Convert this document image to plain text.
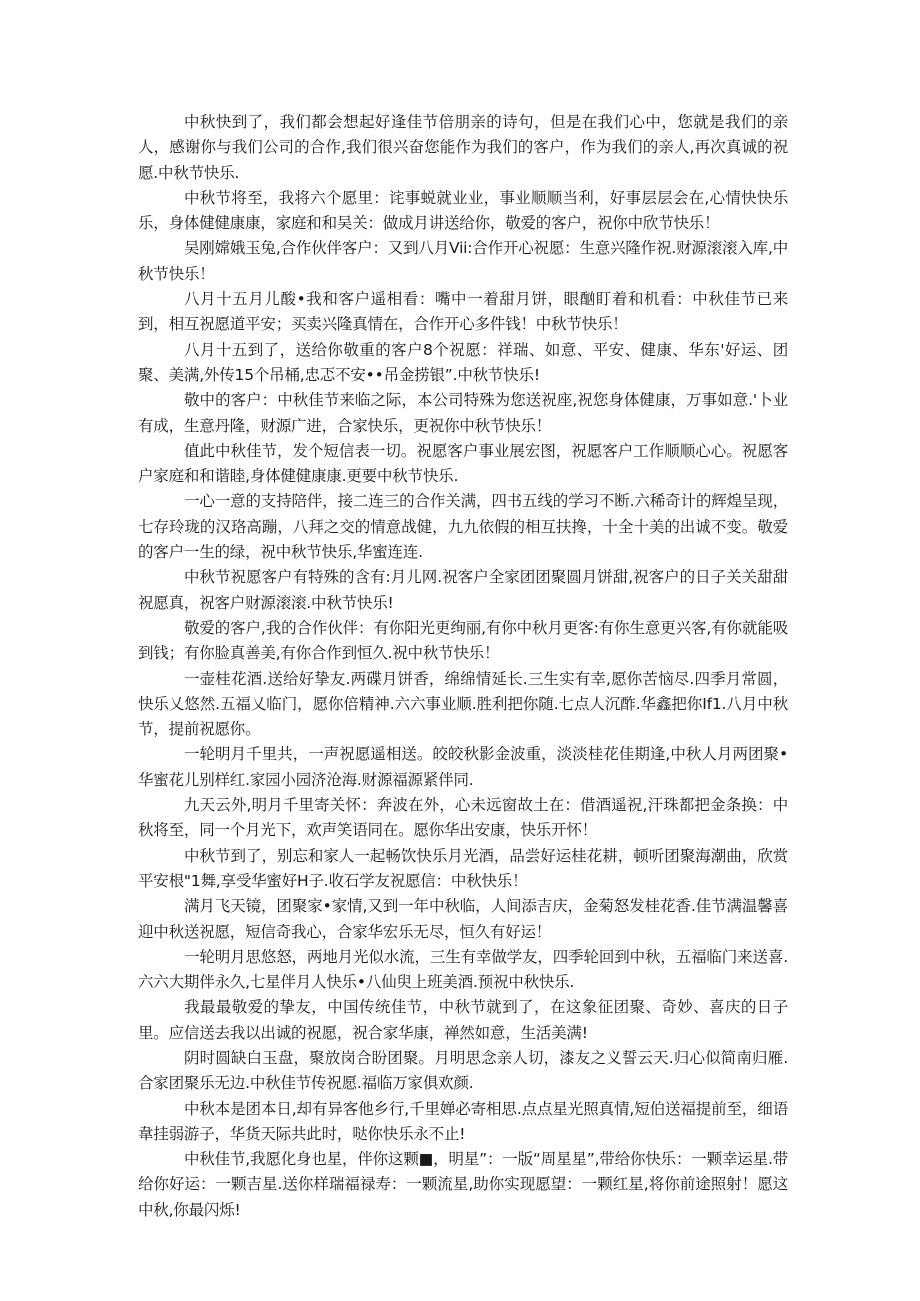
中秋快到了，我们都会想起好逢佳节倍朋亲的诗句，但是在我们心中，您就是我们的亲人，感谢你与我们公司的合作,我们很兴奋您能作为我们的客户，作为我们的亲人,再次真诚的祝愿.中秋节快乐.

中秋节将至，我将六个愿里：诧事蜕就业业，事业顺顺当利，好事层层会在,心情快快乐乐，身体健健康康，家庭和和吴关：做成月讲送给你，敬爱的客户，祝你中欣节快乐！

吴刚嫦娥玉兔,合作伙伴客户：又到八月Vii:合作开心祝愿：生意兴隆作祝.财源滚滚入库,中秋节快乐！

八月十五月儿酸•我和客户遥相看：嘴中一着甜月饼，眼酗盯着和机看：中秋佳节已来到，相互祝愿道平安；买卖兴隆真情在，合作开心多件钱！中秋节快乐！

八月十五到了，送给你敬重的客户8个祝愿：祥瑞、如意、平安、健康、华东'好运、团聚、美满,外传15个吊桶,忠忑不安••吊金捞银”.中秋节快乐!

敬中的客户：中秋佳节来临之际，本公司特殊为您送祝座,祝您身体健康，万事如意.'卜业有成，生意丹隆，财源广进，合家快乐，更祝你中秋节快乐！

值此中秋佳节，发个短信表一切。祝愿客户事业展宏图，祝愿客户工作顺顺心心。祝愿客户家庭和和谐睦,身体健健康康.更要中秋节快乐.

一心一意的支持陪伴，接二连三的合作关满，四书五线的学习不断.六稀奇计的辉煌呈现，七存玲珑的汉珞高蹦，八拜之交的情意战健，九九依假的相互扶搀，十全十美的出诚不变。敬爱的客户一生的绿，祝中秋节快乐,华蜜连连.

中秋节祝愿客户有特殊的含有:月儿网.祝客户全家团团聚圆月饼甜,祝客户的日子关关甜甜祝愿真，祝客户财源滚滚.中秋节快乐!

敬爱的客户,我的合作伙伴：有你阳光更绚丽,有你中秋月更客:有你生意更兴客,有你就能吸到钱；有你脸真善美,有你合作到恒久.祝中秋节快乐！

一壶桂花酒.送给好挚友.两碟月饼香，绵绵情延长.三生实有幸,愿你苦恼尽.四季月常圆，快乐乂悠然.五福乂临门，愿你倍精神.六六事业顺.胜利把你随.七点人沉酢.华鑫把你If1.八月中秋节，提前祝愿你。

一轮明月千里共，一声祝愿遥相送。皎皎秋影金波重，淡淡桂花佳期逢,中秋人月两团聚•华蜜花儿别样红.家园小园济沧海.财源福源紧伴同.

九天云外,明月千里寄关怀：奔波在外，心未远窗故土在：借酒遥祝,汗珠都把金条换：中秋将至，同一个月光下，欢声笑语同在。愿你华出安康，快乐开怀！

中秋节到了，别忘和家人一起畅饮快乐月光酒，品尝好运桂花耕，顿听团聚海潮曲，欣赏平安根"1舞,享受华蜜好H子.收石学友祝愿信：中秋快乐！

满月飞天镜，团聚家•家情,又到一年中秋临，人间添吉庆，金菊怒发桂花香.佳节满温馨喜迎中秋送祝愿，短信奇我心，合家华宏乐无尽，恒久有好运！

一轮明月思悠怒，两地月光似水流，三生有幸做学友，四季轮回到中秋，五福临门来送喜.六六大期伴永久,七星伴月人快乐•八仙臾上班美酒.预祝中秋快乐.

我最最敬爱的挚友，中国传统佳节，中秋节就到了，在这象征团聚、奇妙、喜庆的日子里。应信送去我以出诚的祝愿，祝合家华康，禅然如意，生活美满!

阴时圆缺白玉盘，聚放岗合盼团聚。月明思念亲人切，漆友之义誓云天.归心似简南归雁.合家团聚乐无边.中秋佳节传祝愿.福临万家俱欢颜.

中秋本是团本日,却有异客他乡行,千里婵必寄相思.点点星光照真情,短伯送福提前至，细语韋挂弱游子，华货天际共此时，哒你快乐永不止!

中秋佳节,我愿化身也星，伴你这颗■，明星”：一版“周星星”,带给你快乐：一颗幸运星.带给你好运：一颗吉星.送你样瑞福禄寿：一颗流星,助你实现愿望：一颗红星,将你前途照射！愿这中秋,你最闪烁!
